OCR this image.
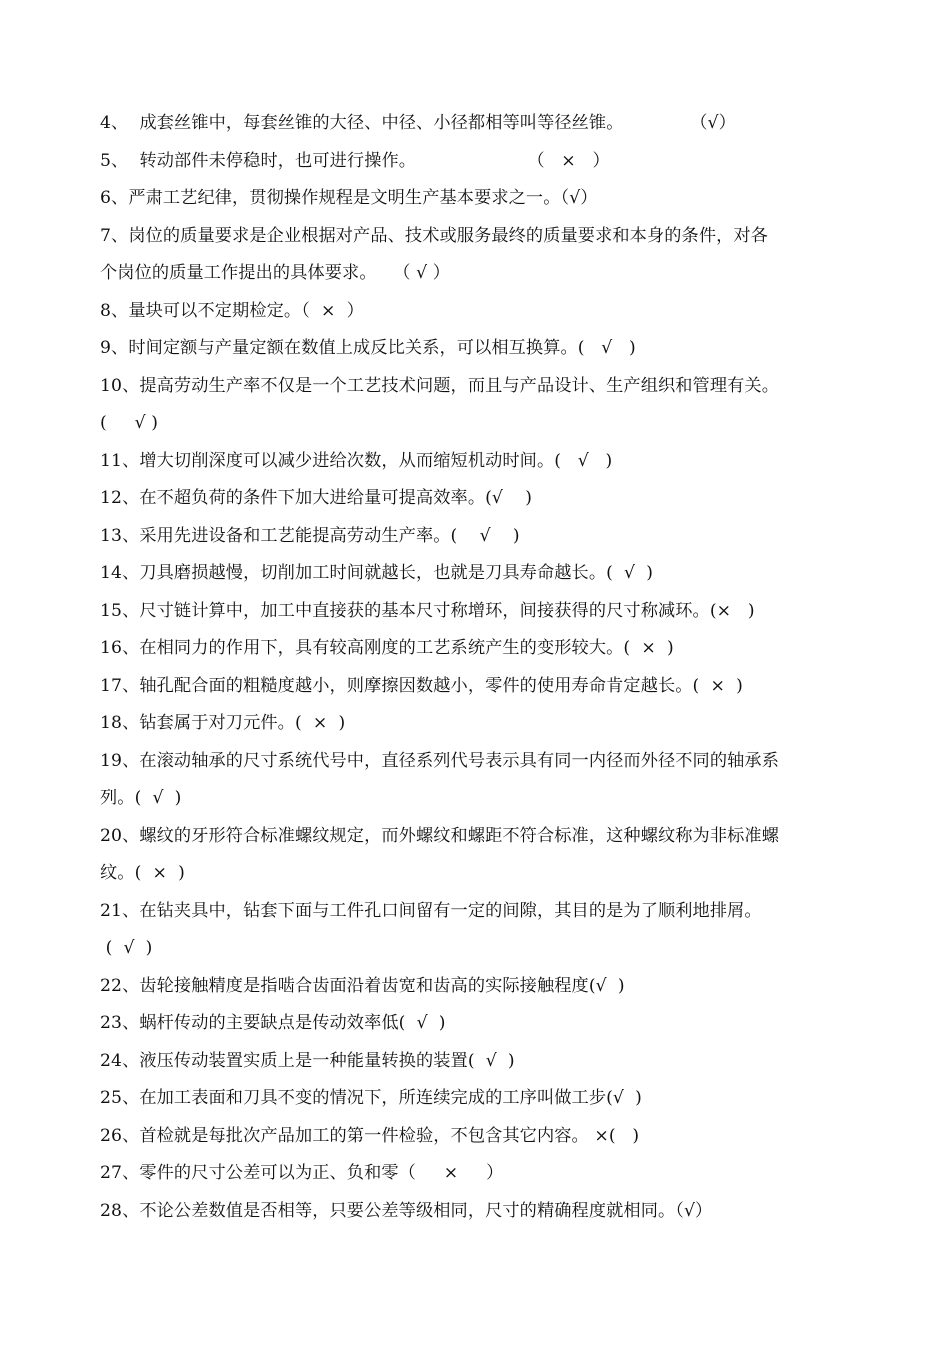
4、  成套丝锥中，每套丝锥的大径、中径、小径都相等叫等径丝锥。            （√）
5、  转动部件未停稳时，也可进行操作。                    （   ×   ）
6、严肃工艺纪律，贯彻操作规程是文明生产基本要求之一。（√）
7、岗位的质量要求是企业根据对产品、技术或服务最终的质量要求和本身的条件，对各
个岗位的质量工作提出的具体要求。   （ √ ）
8、量块可以不定期检定。（  ×  ）
9、时间定额与产量定额在数值上成反比关系，可以相互换算。(   √   )
10、提高劳动生产率不仅是一个工艺技术问题，而且与产品设计、生产组织和管理有关。
(     √ )
11、增大切削深度可以减少进给次数，从而缩短机动时间。(   √   )
12、在不超负荷的条件下加大进给量可提高效率。(√    )
13、采用先进设备和工艺能提高劳动生产率。(    √    )
14、刀具磨损越慢，切削加工时间就越长，也就是刀具寿命越长。(  √  )
15、尺寸链计算中，加工中直接获的基本尺寸称增环，间接获得的尺寸称减环。(×   )
16、在相同力的作用下，具有较高刚度的工艺系统产生的变形较大。(  ×  )
17、轴孔配合面的粗糙度越小，则摩擦因数越小，零件的使用寿命肯定越长。(  ×  )
18、钻套属于对刀元件。(  ×  )
19、在滚动轴承的尺寸系统代号中，直径系列代号表示具有同一内径而外径不同的轴承系
列。(  √  )
20、螺纹的牙形符合标准螺纹规定，而外螺纹和螺距不符合标准，这种螺纹称为非标准螺
纹。(  ×  )
21、在钻夹具中，钻套下面与工件孔口间留有一定的间隙，其目的是为了顺利地排屑。
(  √  )
22、齿轮接触精度是指啮合齿面沿着齿宽和齿高的实际接触程度(√  )
23、蜗杆传动的主要缺点是传动效率低(  √  )
24、液压传动装置实质上是一种能量转换的装置(  √  )
25、在加工表面和刀具不变的情况下，所连续完成的工序叫做工步(√  )
26、首检就是每批次产品加工的第一件检验，不包含其它内容。 ×(   )
27、零件的尺寸公差可以为正、负和零（     ×     ）
28、不论公差数值是否相等，只要公差等级相同，尺寸的精确程度就相同。（√）
